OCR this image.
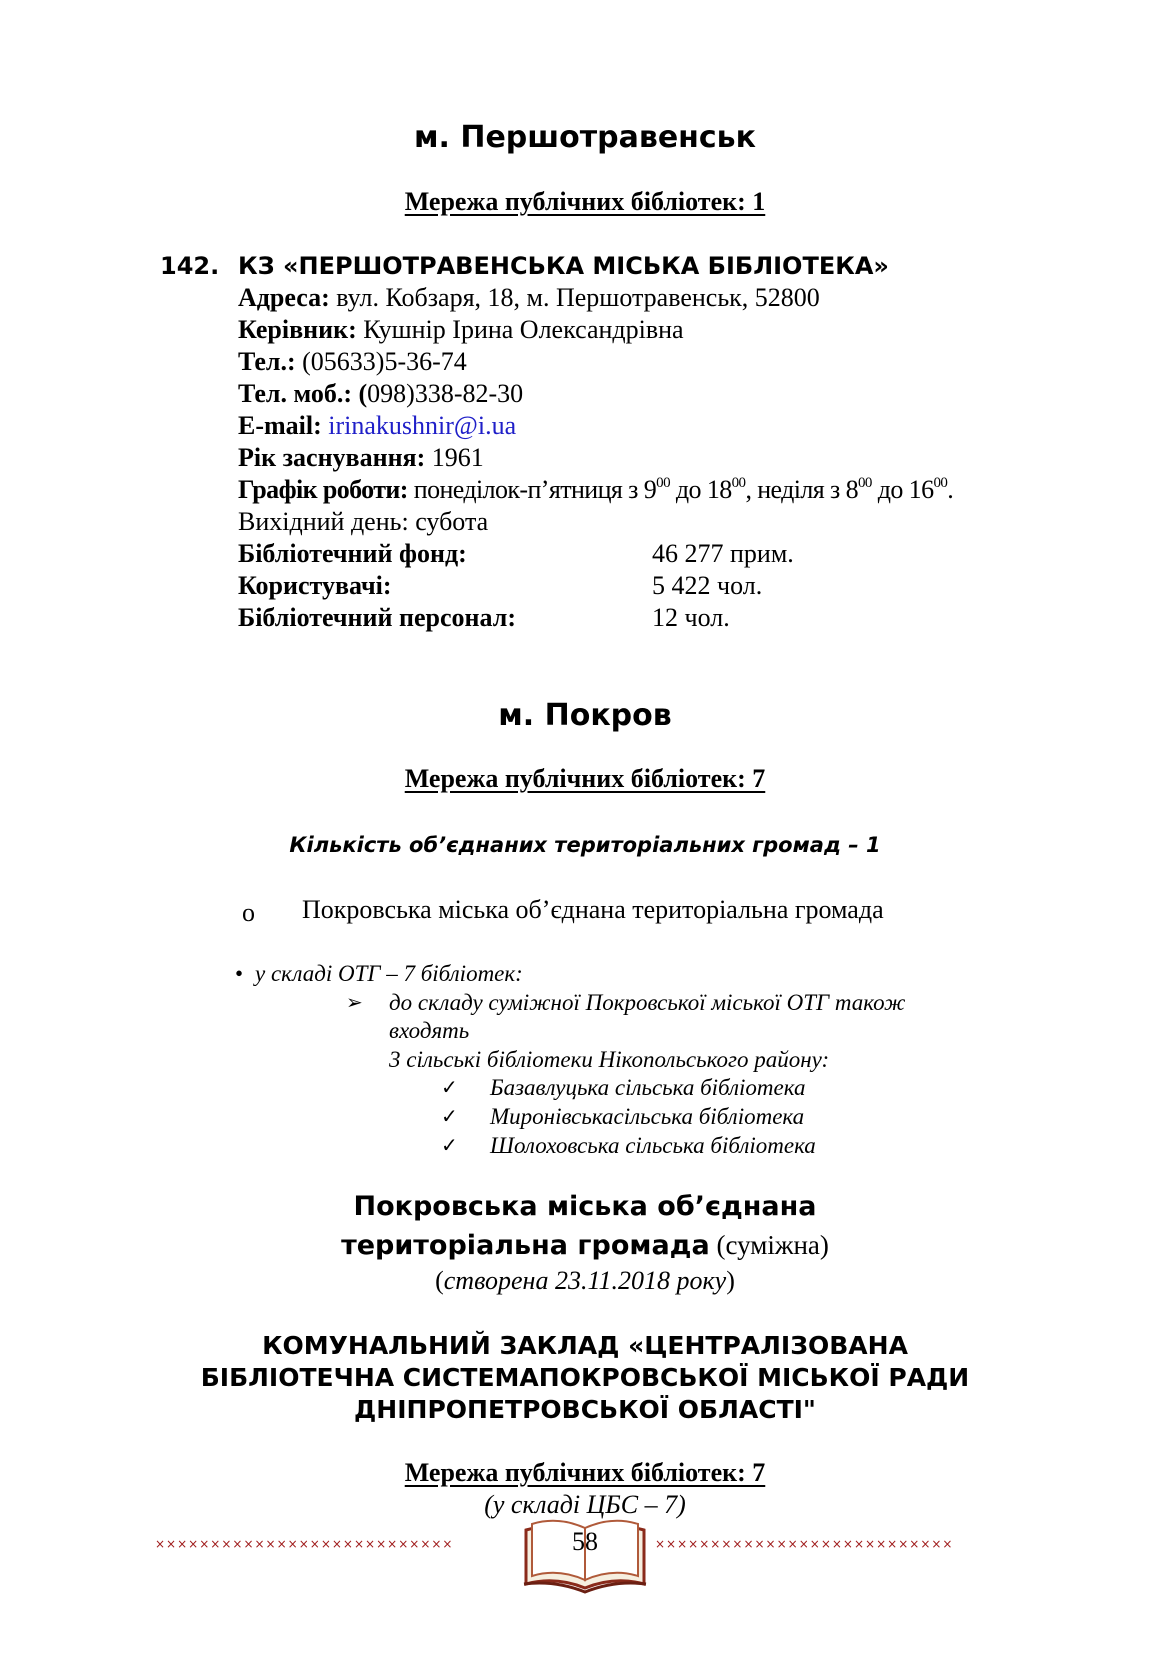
м. Першотравенськ
Мережа публічних бібліотек: 1
142. КЗ «ПЕРШОТРАВЕНСЬКА МІСЬКА БІБЛІОТЕКА»
Адреса: вул. Кобзаря, 18, м. Першотравенськ, 52800
Керівник: Кушнір Ірина Олександрівна
Тел.: (05633)5-36-74
Тел. моб.: (098)338-82-30
E-mail: irinakushnir@i.ua
Рік заснування: 1961
Графік роботи: понеділок-п’ятниця з $9^{00}$ до $18^{00}$, неділя з $8^{00}$ до $16^{00}$.
Вихідний день: субота
Бібліотечний фонд:	46 277 прим.
Користувачі:	5 422 чол.
Бібліотечний персонал:	12 чол.
м. Покров
Мережа публічних бібліотек: 7
Кількість об’єднаних територіальних громад – 1
o Покровська міська об’єднана територіальна громада
• у складі ОТГ – 7 бібліотек:
➢ до складу суміжної Покровської міської ОТГ також
входять
3 сільські бібліотеки Нікопольського району:
✓ Базавлуцька сільська бібліотека
✓ Миронівськасільська бібліотека
✓ Шолоховська сільська бібліотека
Покровська міська об’єднана
територіальна громада (суміжна)
(створена 23.11.2018 року)
КОМУНАЛЬНИЙ ЗАКЛАД «ЦЕНТРАЛІЗОВАНА
БІБЛІОТЕЧНА СИСТЕМАПОКРОВСЬКОЇ МІСЬКОЇ РАДИ
ДНІПРОПЕТРОВСЬКОЇ ОБЛАСТІ"
Мережа публічних бібліотек: 7
(у складі ЦБС – 7)
×××××××××××××××××××××××××××	×××××××××××××××××××××××××××
58
